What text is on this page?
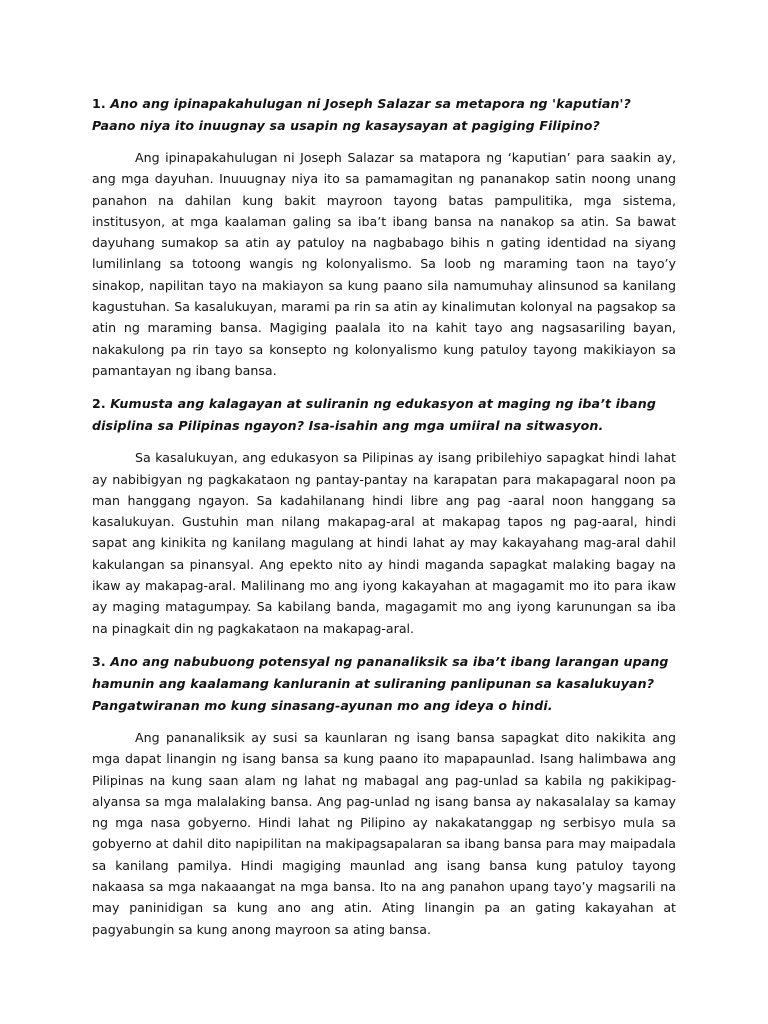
1. Ano ang ipinapakahulugan ni Joseph Salazar sa metapora ng 'kaputian'? Paano niya ito inuugnay sa usapin ng kasaysayan at pagiging Filipino?

Ang ipinapakahulugan ni Joseph Salazar sa matapora ng ‘kaputian’ para saakin ay, ang mga dayuhan. Inuuugnay niya ito sa pamamagitan ng pananakop satin noong unang panahon na dahilan kung bakit mayroon tayong batas pampulitika, mga sistema, institusyon, at mga kaalaman galing sa iba’t ibang bansa na nanakop sa atin. Sa bawat dayuhang sumakop sa atin ay patuloy na nagbabago bihis n gating identidad na siyang lumilinlang sa totoong wangis ng kolonyalismo. Sa loob ng maraming taon na tayo’y sinakop, napilitan tayo na makiayon sa kung paano sila namumuhay alinsunod sa kanilang kagustuhan. Sa kasalukuyan, marami pa rin sa atin ay kinalimutan kolonyal na pagsakop sa atin ng maraming bansa. Magiging paalala ito na kahit tayo ang nagsasariling bayan, nakakulong pa rin tayo sa konsepto ng kolonyalismo kung patuloy tayong makikiayon sa pamantayan ng ibang bansa.

2. Kumusta ang kalagayan at suliranin ng edukasyon at maging ng iba’t ibang disiplina sa Pilipinas ngayon? Isa-isahin ang mga umiiral na sitwasyon.

Sa kasalukuyan, ang edukasyon sa Pilipinas ay isang pribilehiyo sapagkat hindi lahat ay nabibigyan ng pagkakataon ng pantay-pantay na karapatan para makapagaral noon pa man hanggang ngayon. Sa kadahilanang hindi libre ang pag -aaral noon hanggang sa kasalukuyan. Gustuhin man nilang makapag-aral at makapag tapos ng pag-aaral, hindi sapat ang kinikita ng kanilang magulang at hindi lahat ay may kakayahang mag-aral dahil kakulangan sa pinansyal. Ang epekto nito ay hindi maganda sapagkat malaking bagay na ikaw ay makapag-aral. Malilinang mo ang iyong kakayahan at magagamit mo ito para ikaw ay maging matagumpay. Sa kabilang banda, magagamit mo ang iyong karunungan sa iba na pinagkait din ng pagkakataon na makapag-aral.

3. Ano ang nabubuong potensyal ng pananaliksik sa iba’t ibang larangan upang hamunin ang kaalamang kanluranin at suliraning panlipunan sa kasalukuyan? Pangatwiranan mo kung sinasang-ayunan mo ang ideya o hindi.

Ang pananaliksik ay susi sa kaunlaran ng isang bansa sapagkat dito nakikita ang mga dapat linangin ng isang bansa sa kung paano ito mapapaunlad. Isang halimbawa ang Pilipinas na kung saan alam ng lahat ng mabagal ang pag-unlad sa kabila ng pakikipag-alyansa sa mga malalaking bansa. Ang pag-unlad ng isang bansa ay nakasalalay sa kamay ng mga nasa gobyerno. Hindi lahat ng Pilipino ay nakakatanggap ng serbisyo mula sa gobyerno at dahil dito napipilitan na makipagsapalaran sa ibang bansa para may maipadala sa kanilang pamilya. Hindi magiging maunlad ang isang bansa kung patuloy tayong nakaasa sa mga nakaaangat na mga bansa. Ito na ang panahon upang tayo’y magsarili na may paninidigan sa kung ano ang atin. Ating linangin pa an gating kakayahan at pagyabungin sa kung anong mayroon sa ating bansa.
